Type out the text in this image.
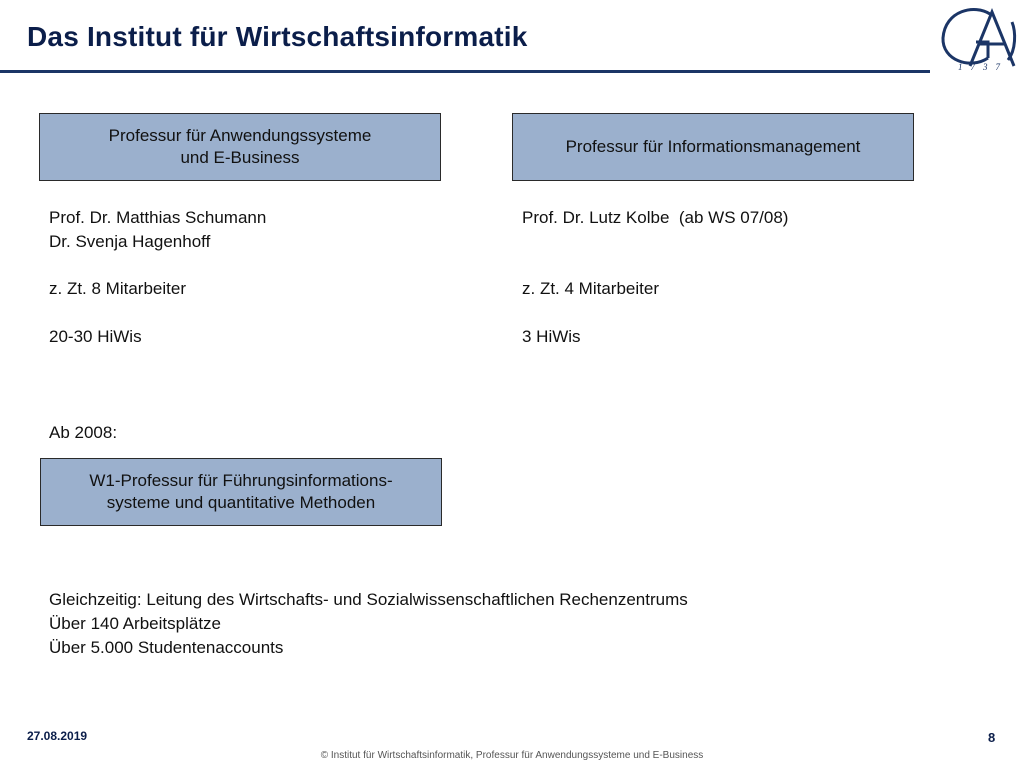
Das Institut für Wirtschaftsinformatik
1737
Professur für Anwendungssysteme
und E-Business
Professur für Informationsmanagement
Prof. Dr. Matthias Schumann
Dr. Svenja Hagenhoff
z. Zt. 8 Mitarbeiter
20-30 HiWis
Prof. Dr. Lutz Kolbe  (ab WS 07/08)
z. Zt. 4 Mitarbeiter
3 HiWis
Ab 2008:
W1-Professur für Führungsinformations-
systeme und quantitative Methoden
Gleichzeitig: Leitung des Wirtschafts- und Sozialwissenschaftlichen Rechenzentrums
Über 140 Arbeitsplätze
Über 5.000 Studentenaccounts
27.08.2019	8
© Institut für Wirtschaftsinformatik, Professur für Anwendungssysteme und E-Business
